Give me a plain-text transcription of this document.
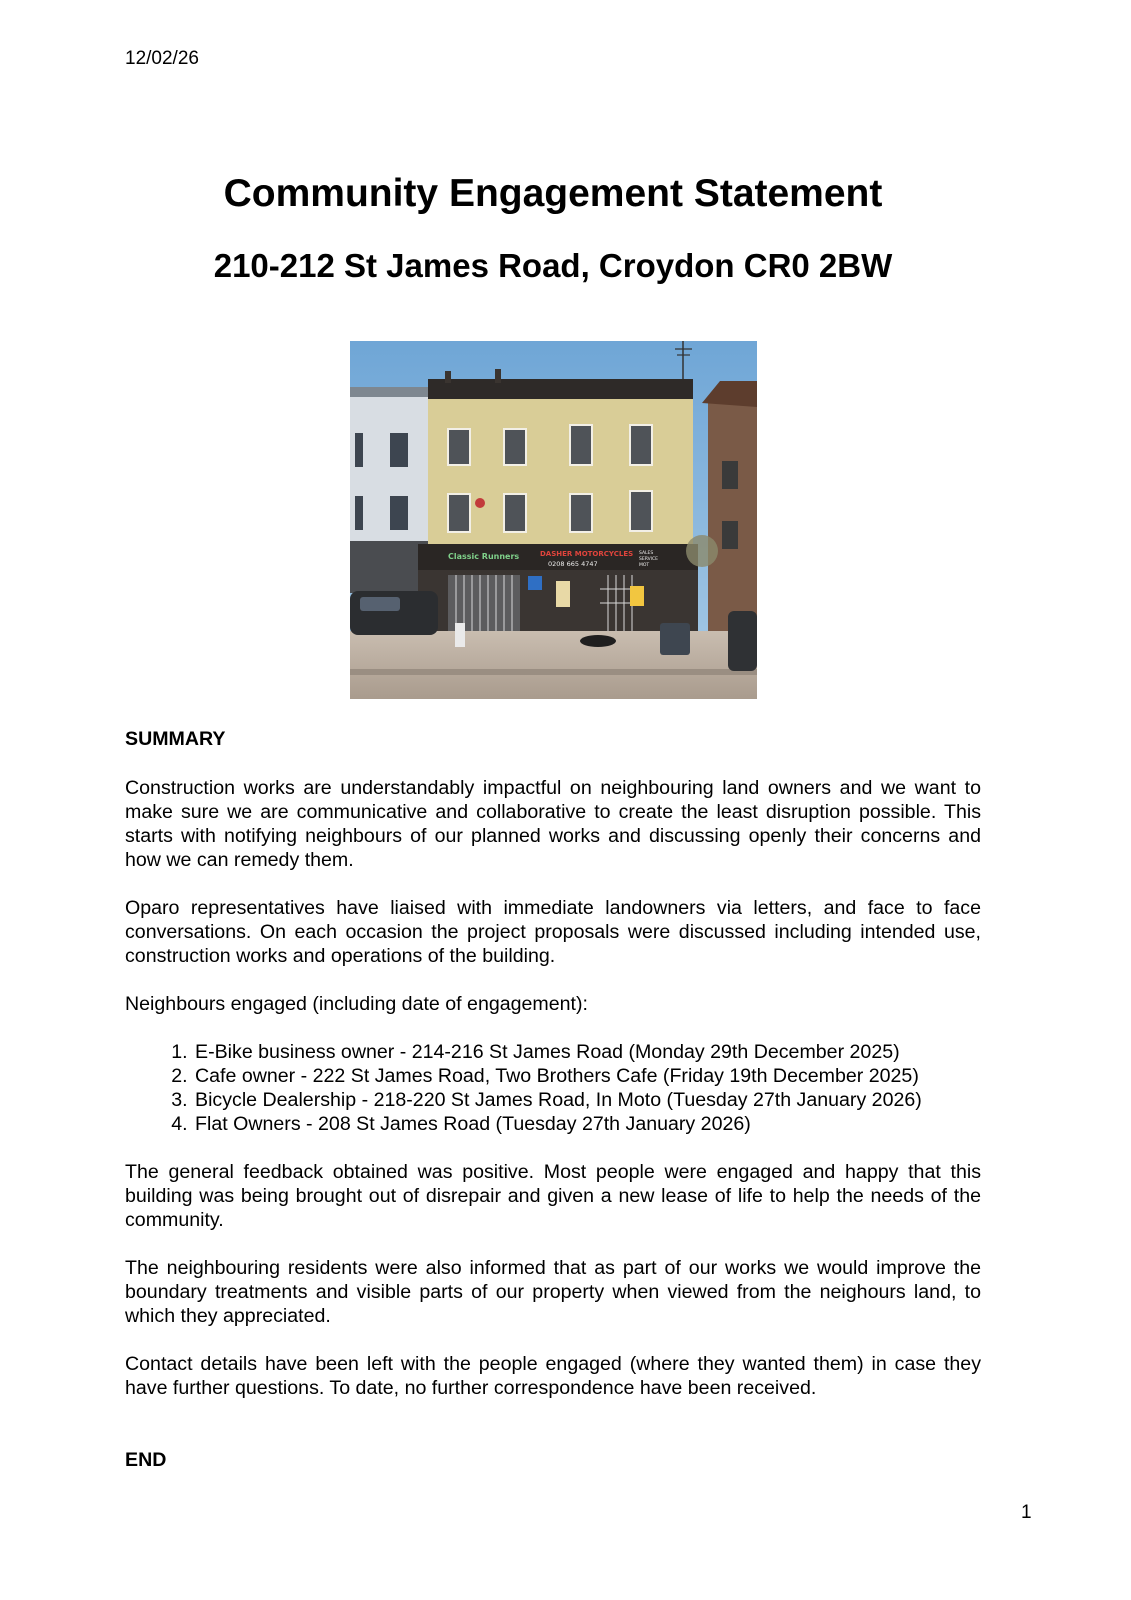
12/02/26
Community Engagement Statement
210-212 St James Road, Croydon CR0 2BW
Classic Runners	DASHER MOTORCYCLES
0208 665 4747
SALES
SERVICE
MOT
SUMMARY

Construction works are understandably impactful on neighbouring land owners and we want to make sure we are communicative and collaborative to create the least disruption possible. This starts with notifying neighbours of our planned works and discussing openly their concerns and how we can remedy them.

Oparo representatives have liaised with immediate landowners via letters, and face to face conversations. On each occasion the project proposals were discussed including intended use, construction works and operations of the building.

Neighbours engaged (including date of engagement):

1. E-Bike business owner - 214-216 St James Road (Monday 29th December 2025)
2. Cafe owner - 222 St James Road, Two Brothers Cafe (Friday 19th December 2025)
3. Bicycle Dealership - 218-220 St James Road, In Moto (Tuesday 27th January 2026)
4. Flat Owners - 208 St James Road (Tuesday 27th January 2026)

The general feedback obtained was positive. Most people were engaged and happy that this building was being brought out of disrepair and given a new lease of life to help the needs of the community.

The neighbouring residents were also informed that as part of our works we would improve the boundary treatments and visible parts of our property when viewed from the neighours land, to which they appreciated.

Contact details have been left with the people engaged (where they wanted them) in case they have further questions. To date, no further correspondence have been received.

END
1
